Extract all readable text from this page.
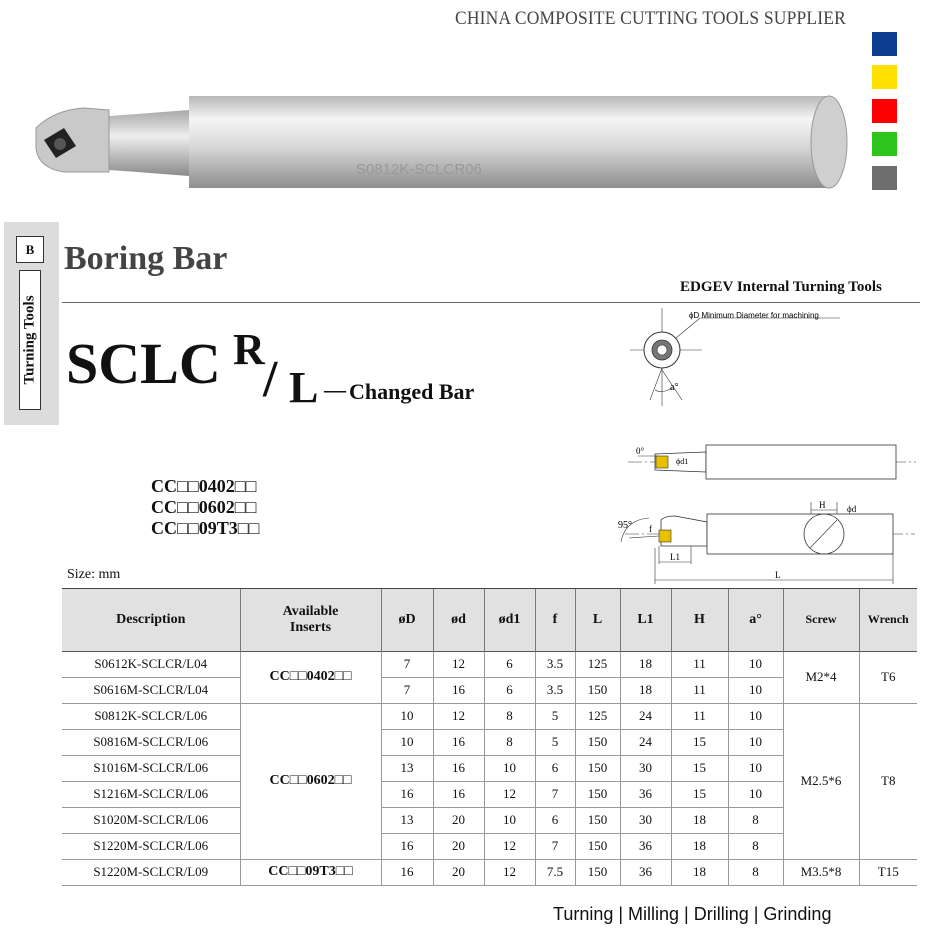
CHINA COMPOSITE CUTTING TOOLS SUPPLIER
S0812K-SCLCR06
B
Turning Tools
Boring Bar
EDGEV Internal Turning Tools
SCLC R
/ L — Changed Bar
CC□□0402□□
CC□□0602□□
CC□□09T3□□
ϕD Minimum Diameter for machining
a°
0°
ϕd1
H ϕd
95° f
L1
L
Size: mm
Description	Available
Inserts	øD	ød	ød1	f	L	L1	H	a°	Screw	Wrench
S0612K-SCLCR/L04	CC□□0402□□	7	12	6	3.5	125	18	11	10	M2*4	T6
S0616M-SCLCR/L04		7	16	6	3.5	150	18	11	10		
S0812K-SCLCR/L06	CC□□0602□□	10	12	8	5	125	24	11	10	M2.5*6	T8
S0816M-SCLCR/L06		10	16	8	5	150	24	15	10		
S1016M-SCLCR/L06		13	16	10	6	150	30	15	10		
S1216M-SCLCR/L06		16	16	12	7	150	36	15	10		
S1020M-SCLCR/L06		13	20	10	6	150	30	18	8		
S1220M-SCLCR/L06		16	20	12	7	150	36	18	8		
S1220M-SCLCR/L09	CC□□09T3□□	16	20	12	7.5	150	36	18	8	M3.5*8	T15
Turning | Milling | Drilling | Grinding
